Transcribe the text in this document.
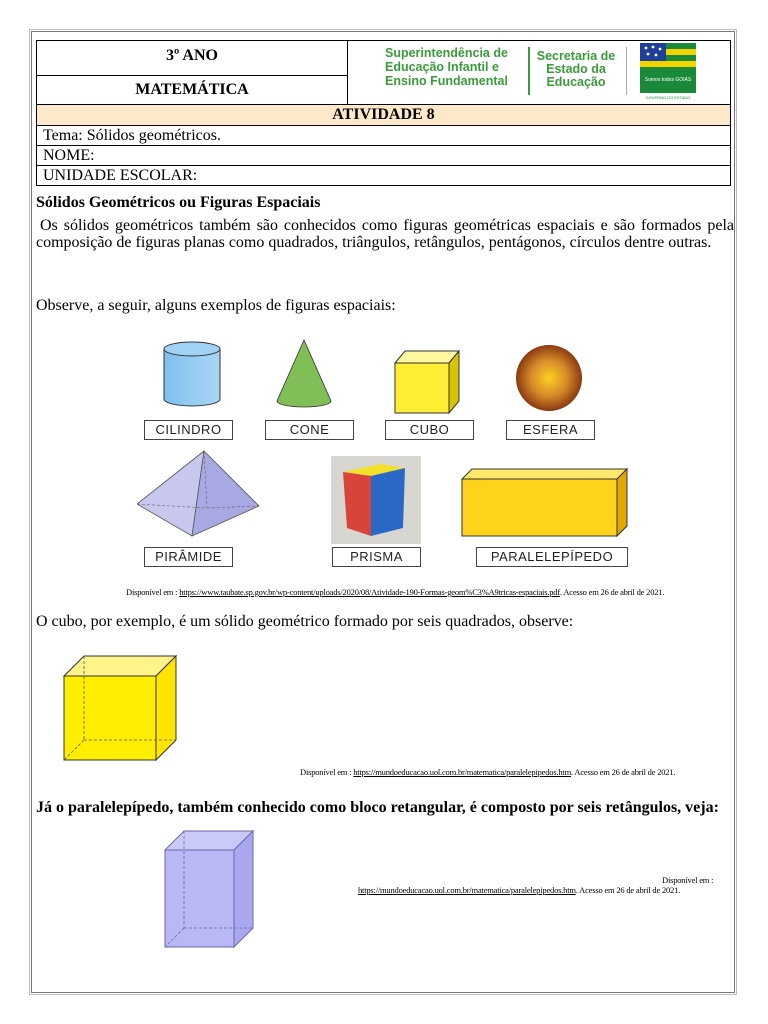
3º ANO
MATEMÁTICA
Superintendência de Educação Infantil e Ensino Fundamental
Secretaria de Estado da Educação	Somos todos GOIÁS
GOVERNO DO ESTADO
ATIVIDADE 8
Tema: Sólidos geométricos.
NOME:
UNIDADE ESCOLAR:
Sólidos Geométricos ou Figuras Espaciais
Os sólidos geométricos também são conhecidos como figuras geométricas espaciais e são formados pela composição de figuras planas como quadrados, triângulos, retângulos, pentágonos, círculos dentre outras.
Observe, a seguir, alguns exemplos de figuras espaciais:
CILINDRO	CONE	CUBO	ESFERA
PIRÂMIDE	PRISMA	PARALELEPÍPEDO
Disponível em : https://www.taubate.sp.gov.br/wp-content/uploads/2020/08/Atividade-190-Formas-geom%C3%A9tricas-espaciais.pdf. Acesso em 26 de abril de 2021.
O cubo, por exemplo, é um sólido geométrico formado por seis quadrados, observe:
Disponível em : https://mundoeducacao.uol.com.br/matematica/paralelepipedos.htm. Acesso em 26 de abril de 2021.
Já o paralelepípedo, também conhecido como bloco retangular, é composto por seis retângulos, veja:
Disponível em :
https://mundoeducacao.uol.com.br/matematica/paralelepipedos.htm. Acesso em 26 de abril de 2021.
